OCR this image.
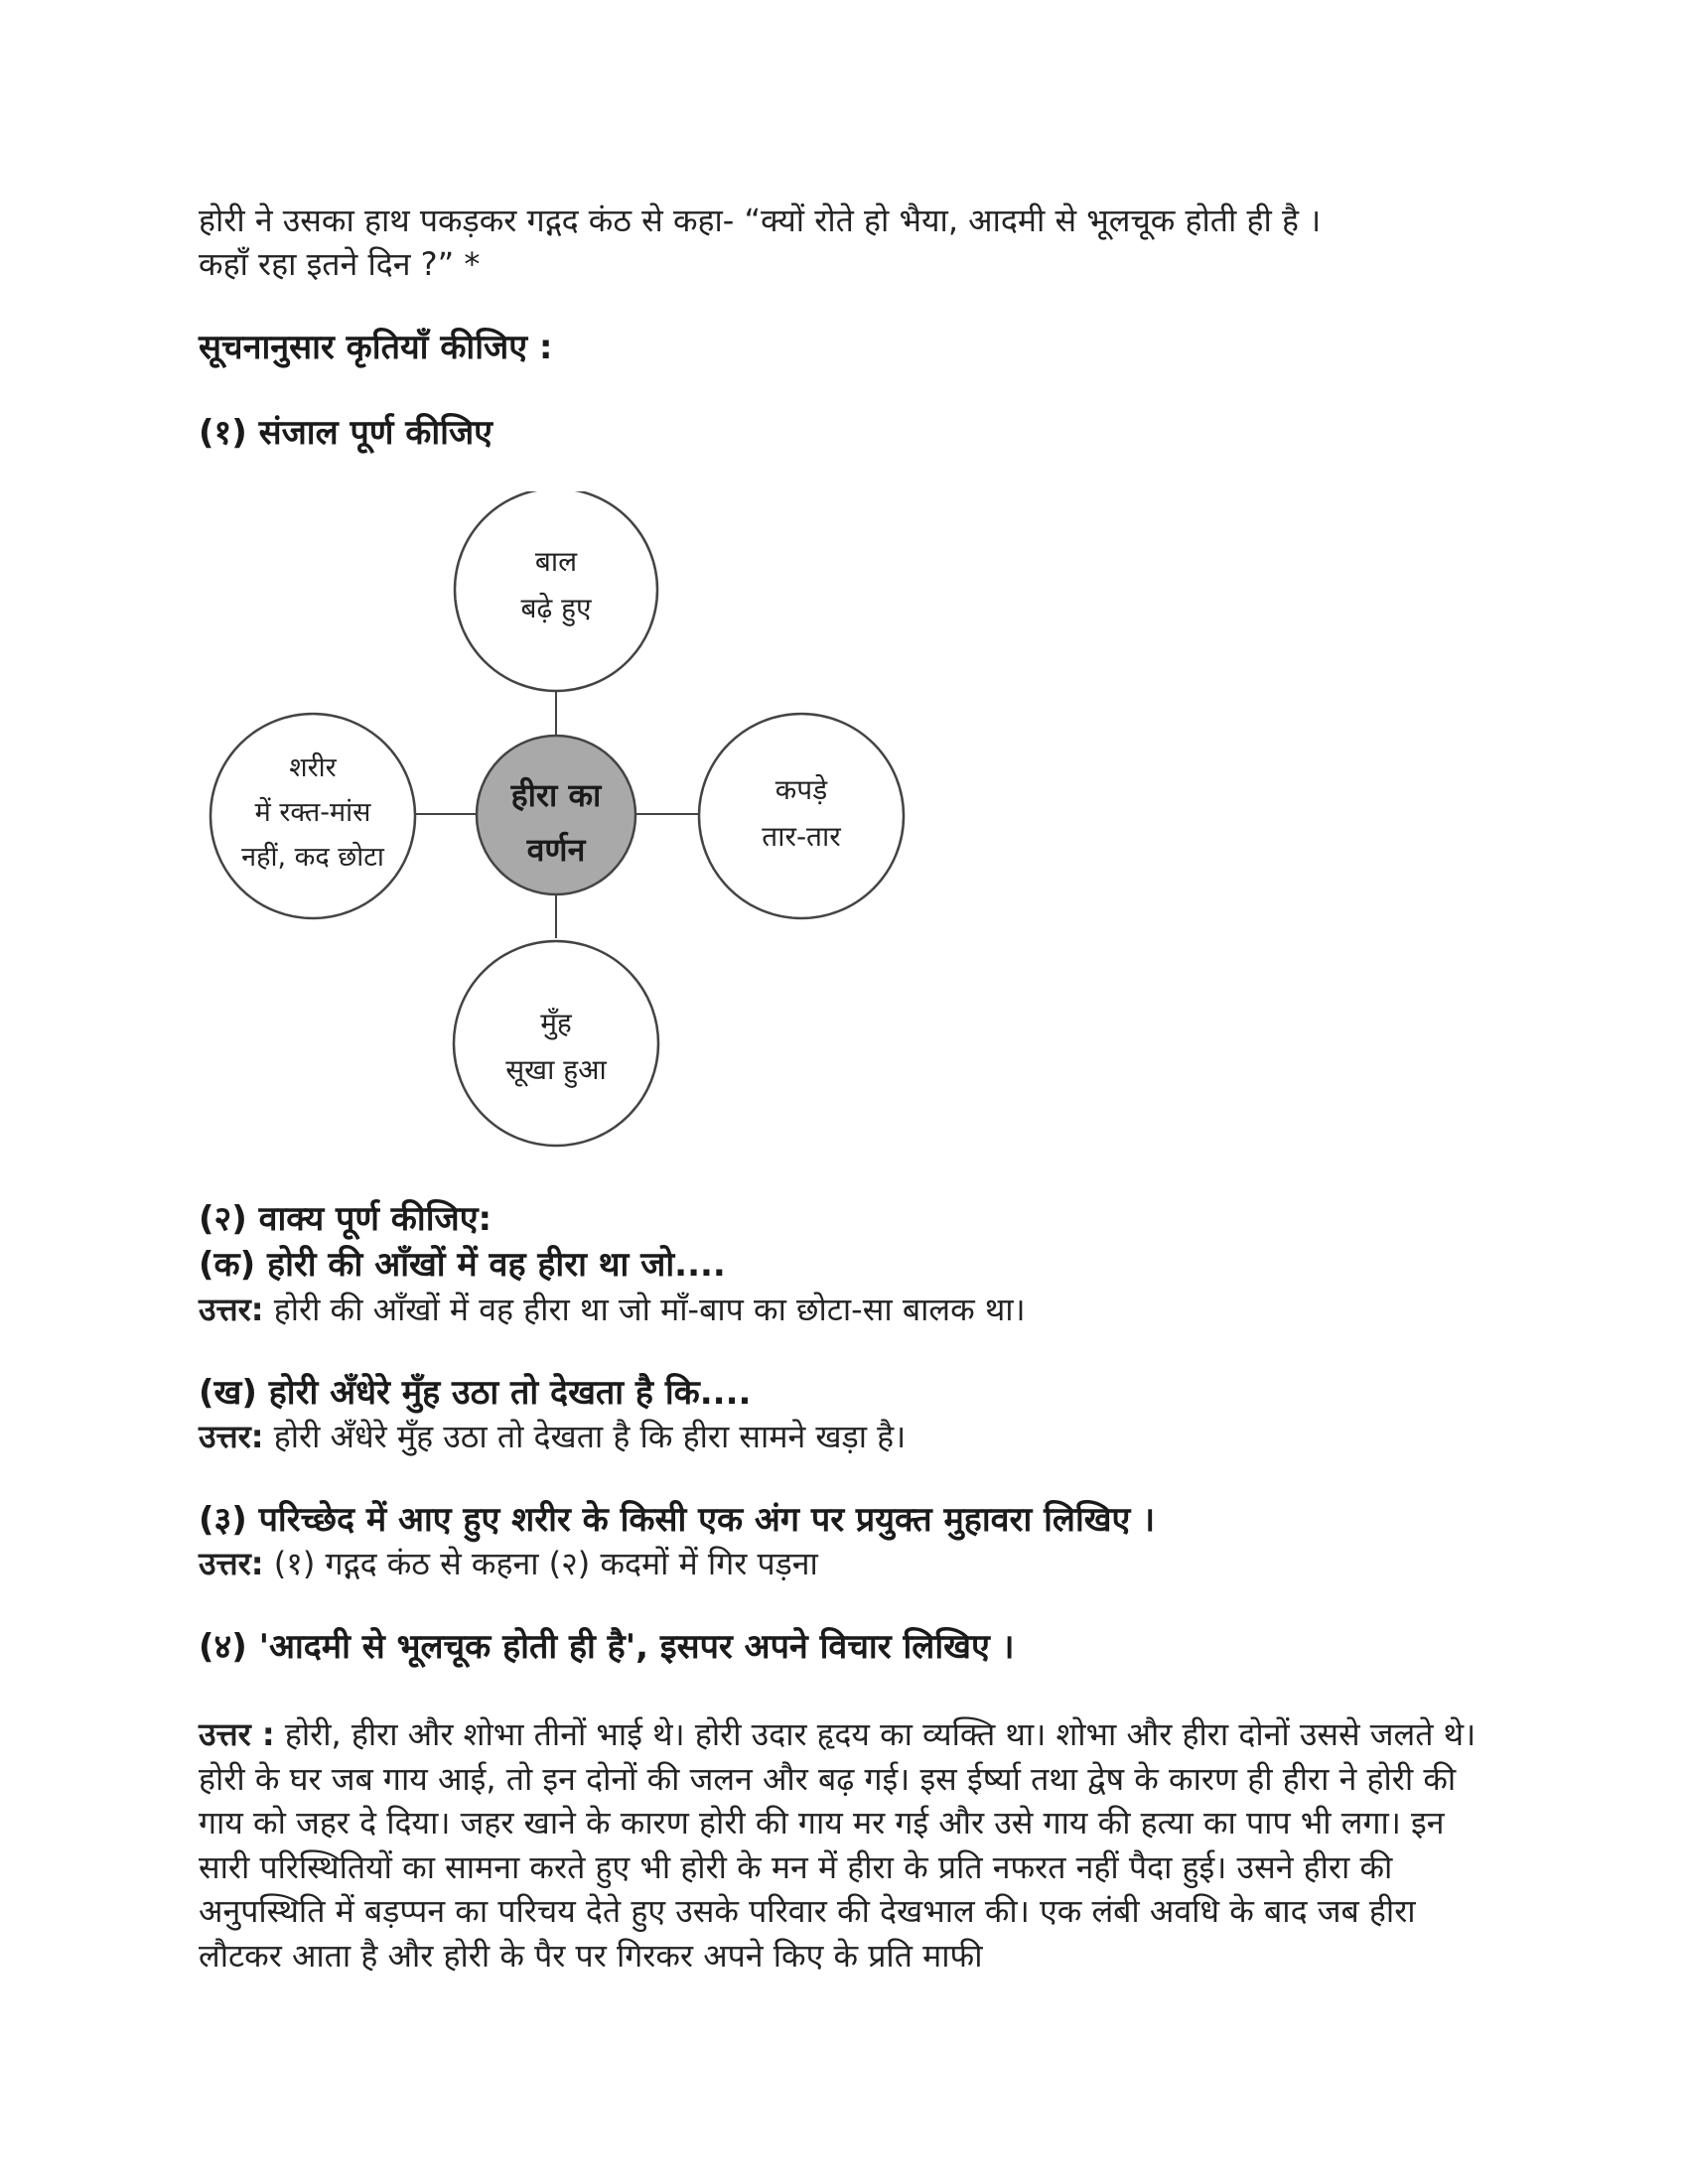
होरी ने उसका हाथ पकड़कर गद्गद कंठ से कहा- “क्यों रोते हो भैया, आदमी से भूलचूक होती ही है ।

कहाँ रहा इतने दिन ?” *

सूचनानुसार कृतियाँ कीजिए :

(१) संजाल पूर्ण कीजिए

बाल
बढ़े हुए
शरीर
में रक्त-मांस
नहीं, कद छोटा
हीरा का
वर्णन
कपड़े
तार-तार
मुँह
सूखा हुआ

(२) वाक्य पूर्ण कीजिए:

(क) होरी की आँखों में वह हीरा था जो....

उत्तर: होरी की आँखों में वह हीरा था जो माँ-बाप का छोटा-सा बालक था।

(ख) होरी अँधेरे मुँह उठा तो देखता है कि....

उत्तर: होरी अँधेरे मुँह उठा तो देखता है कि हीरा सामने खड़ा है।

(३) परिच्छेद में आए हुए शरीर के किसी एक अंग पर प्रयुक्त मुहावरा लिखिए ।

उत्तर: (१) गद्गद कंठ से कहना (२) कदमों में गिर पड़ना

(४) 'आदमी से भूलचूक होती ही है', इसपर अपने विचार लिखिए ।

उत्तर : होरी, हीरा और शोभा तीनों भाई थे। होरी उदार हृदय का व्यक्ति था। शोभा और हीरा दोनों उससे जलते थे। होरी के घर जब गाय आई, तो इन दोनों की जलन और बढ़ गई। इस ईर्ष्या तथा द्वेष के कारण ही हीरा ने होरी की गाय को जहर दे दिया। जहर खाने के कारण होरी की गाय मर गई और उसे गाय की हत्या का पाप भी लगा। इन सारी परिस्थितियों का सामना करते हुए भी होरी के मन में हीरा के प्रति नफरत नहीं पैदा हुई। उसने हीरा की अनुपस्थिति में बड़प्पन का परिचय देते हुए उसके परिवार की देखभाल की। एक लंबी अवधि के बाद जब हीरा लौटकर आता है और होरी के पैर पर गिरकर अपने किए के प्रति माफी
